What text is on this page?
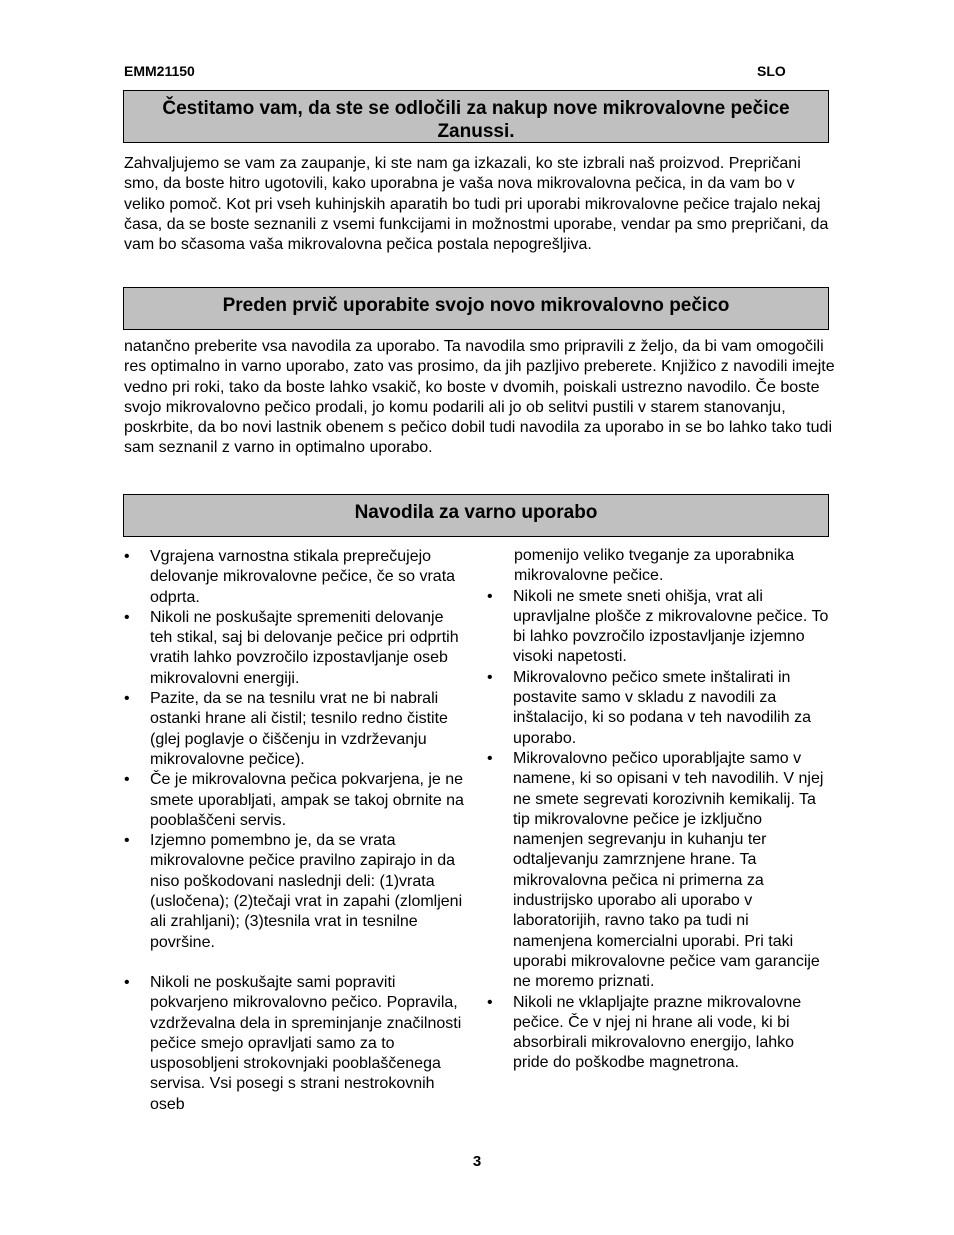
EMM21150	SLO
Čestitamo vam, da ste se odločili za nakup nove mikrovalovne pečice Zanussi.

Zahvaljujemo se vam za zaupanje, ki ste nam ga izkazali, ko ste izbrali naš proizvod. Prepričani smo, da boste hitro ugotovili, kako uporabna je vaša nova mikrovalovna pečica, in da vam bo v veliko pomoč. Kot pri vseh kuhinjskih aparatih bo tudi pri uporabi mikrovalovne pečice trajalo nekaj časa, da se boste seznanili z vsemi funkcijami in možnostmi uporabe, vendar pa smo prepričani, da vam bo sčasoma vaša mikrovalovna pečica postala nepogrešljiva.

Preden prvič uporabite svojo novo mikrovalovno pečico

natančno preberite vsa navodila za uporabo. Ta navodila smo pripravili z željo, da bi vam omogočili res optimalno in varno uporabo, zato vas prosimo, da jih pazljivo preberete. Knjižico z navodili imejte vedno pri roki, tako da boste lahko vsakič, ko boste v dvomih, poiskali ustrezno navodilo. Če boste svojo mikrovalovno pečico prodali, jo komu podarili ali jo ob selitvi pustili v starem stanovanju, poskrbite, da bo novi lastnik obenem s pečico dobil tudi navodila za uporabo in se bo lahko tako tudi sam seznanil z varno in optimalno uporabo.

Navodila za varno uporabo
•	Vgrajena varnostna stikala preprečujejo delovanje mikrovalovne pečice, če so vrata odprta.
•	Nikoli ne poskušajte spremeniti delovanje teh stikal, saj bi delovanje pečice pri odprtih vratih lahko povzročilo izpostavljanje oseb mikrovalovni energiji.
•	Pazite, da se na tesnilu vrat ne bi nabrali ostanki hrane ali čistil; tesnilo redno čistite (glej poglavje o čiščenju in vzdrževanju mikrovalovne pečice).
•	Če je mikrovalovna pečica pokvarjena, je ne smete uporabljati, ampak se takoj obrnite na pooblaščeni servis.
•	Izjemno pomembno je, da se vrata mikrovalovne pečice pravilno zapirajo in da niso poškodovani naslednji deli: (1)vrata (usločena); (2)tečaji vrat in zapahi (zlomljeni ali zrahljani); (3)tesnila vrat in tesnilne površine.
•	Nikoli ne poskušajte sami popraviti pokvarjeno mikrovalovno pečico. Popravila, vzdrževalna dela in spreminjanje značilnosti pečice smejo opravljati samo za to usposobljeni strokovnjaki pooblaščenega servisa. Vsi posegi s strani nestrokovnih oseb
pomenijo veliko tveganje za uporabnika mikrovalovne pečice.
•	Nikoli ne smete sneti ohišja, vrat ali upravljalne plošče z mikrovalovne pečice. To bi lahko povzročilo izpostavljanje izjemno visoki napetosti.
•	Mikrovalovno pečico smete inštalirati in postavite samo v skladu z navodili za inštalacijo, ki so podana v teh navodilih za uporabo.
•	Mikrovalovno pečico uporabljajte samo v namene, ki so opisani v teh navodilih. V njej ne smete segrevati korozivnih kemikalij. Ta tip mikrovalovne pečice je izključno namenjen segrevanju in kuhanju ter odtaljevanju zamrznjene hrane. Ta mikrovalovna pečica ni primerna za industrijsko uporabo ali uporabo v laboratorijih, ravno tako pa tudi ni namenjena komercialni uporabi. Pri taki uporabi mikrovalovne pečice vam garancije ne moremo priznati.
•	Nikoli ne vklapljajte prazne mikrovalovne pečice. Če v njej ni hrane ali vode, ki bi absorbirali mikrovalovno energijo, lahko pride do poškodbe magnetrona.
3
